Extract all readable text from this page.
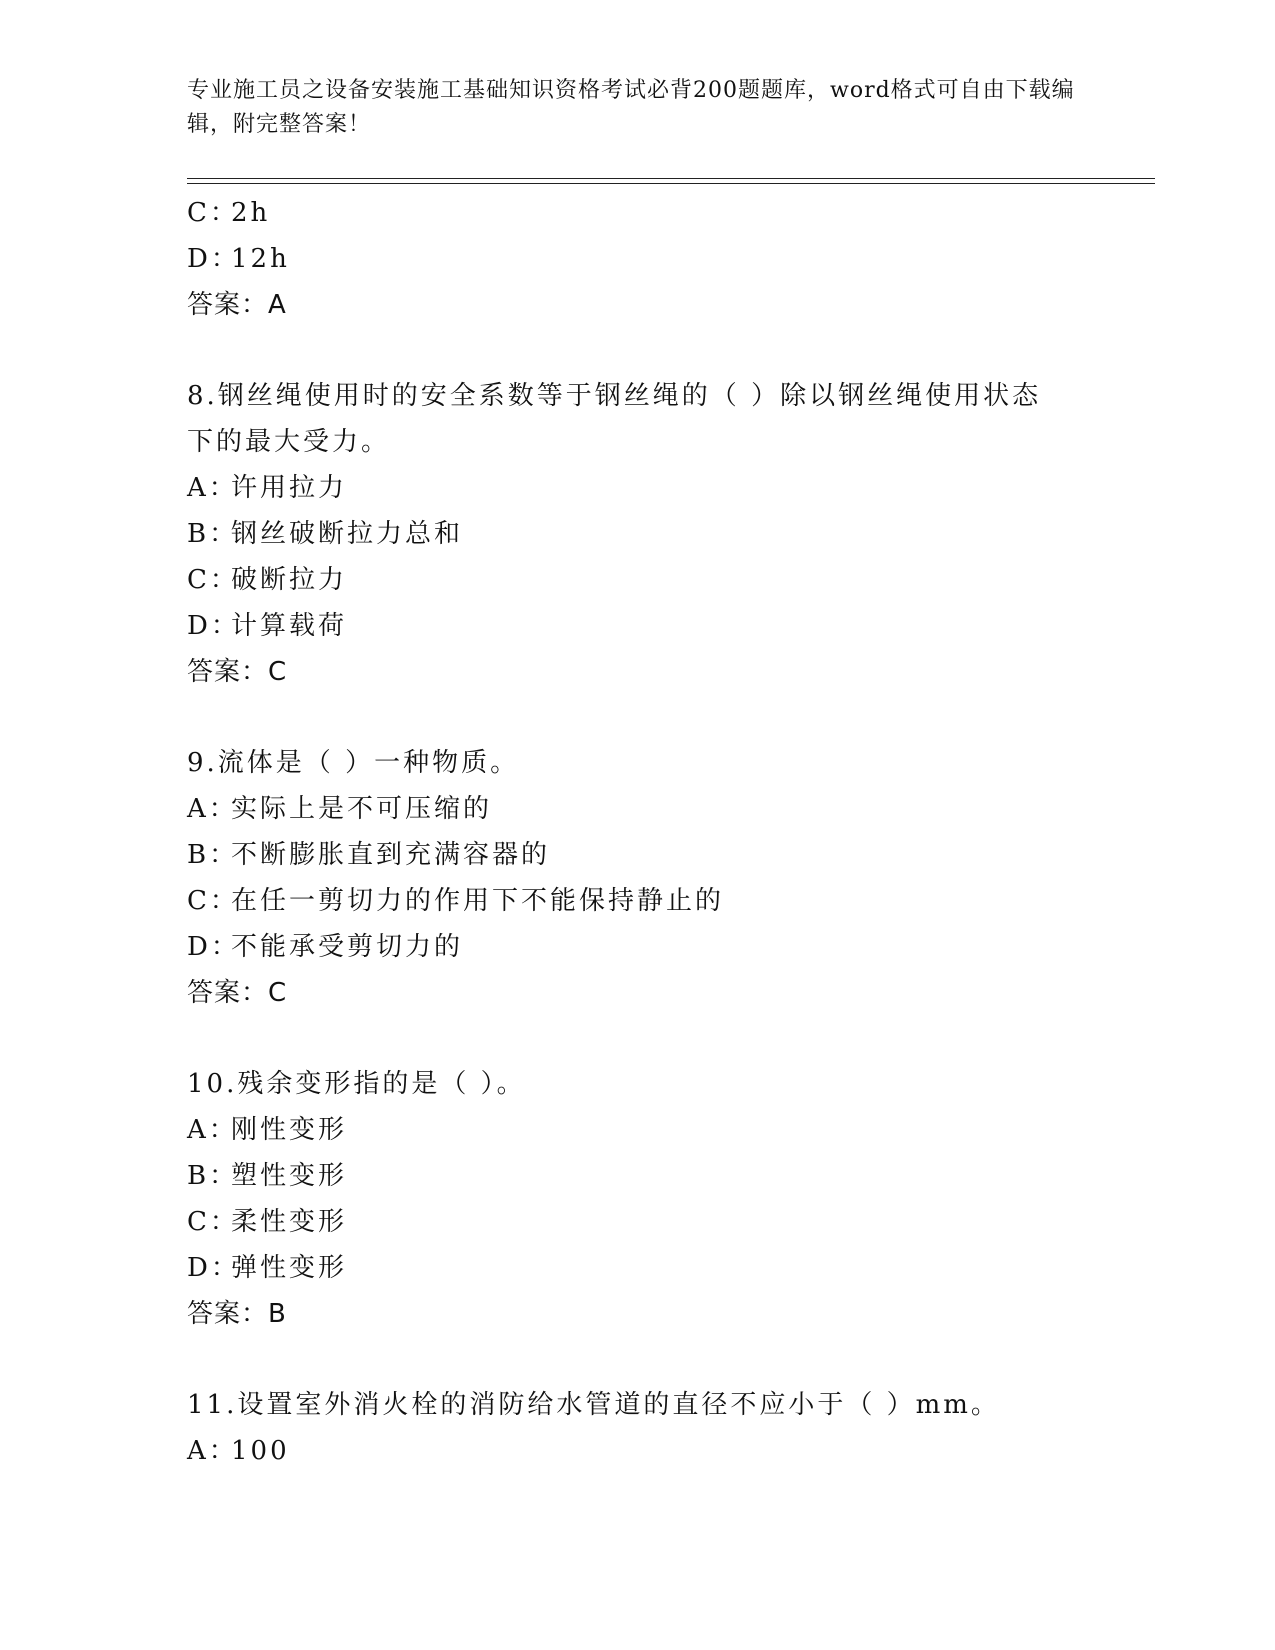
专业施工员之设备安装施工基础知识资格考试必背200题题库，word格式可自由下载编辑，附完整答案！
C：2h
D：12h
答案：A
8.钢丝绳使用时的安全系数等于钢丝绳的（ ）除以钢丝绳使用状态下的最大受力。
A：许用拉力
B：钢丝破断拉力总和
C：破断拉力
D：计算载荷
答案：C
9.流体是（ ）一种物质。
A：实际上是不可压缩的
B：不断膨胀直到充满容器的
C：在任一剪切力的作用下不能保持静止的
D：不能承受剪切力的
答案：C
10.残余变形指的是（ ）。
A：刚性变形
B：塑性变形
C：柔性变形
D：弹性变形
答案：B
11.设置室外消火栓的消防给水管道的直径不应小于（ ）mm。
A：100
